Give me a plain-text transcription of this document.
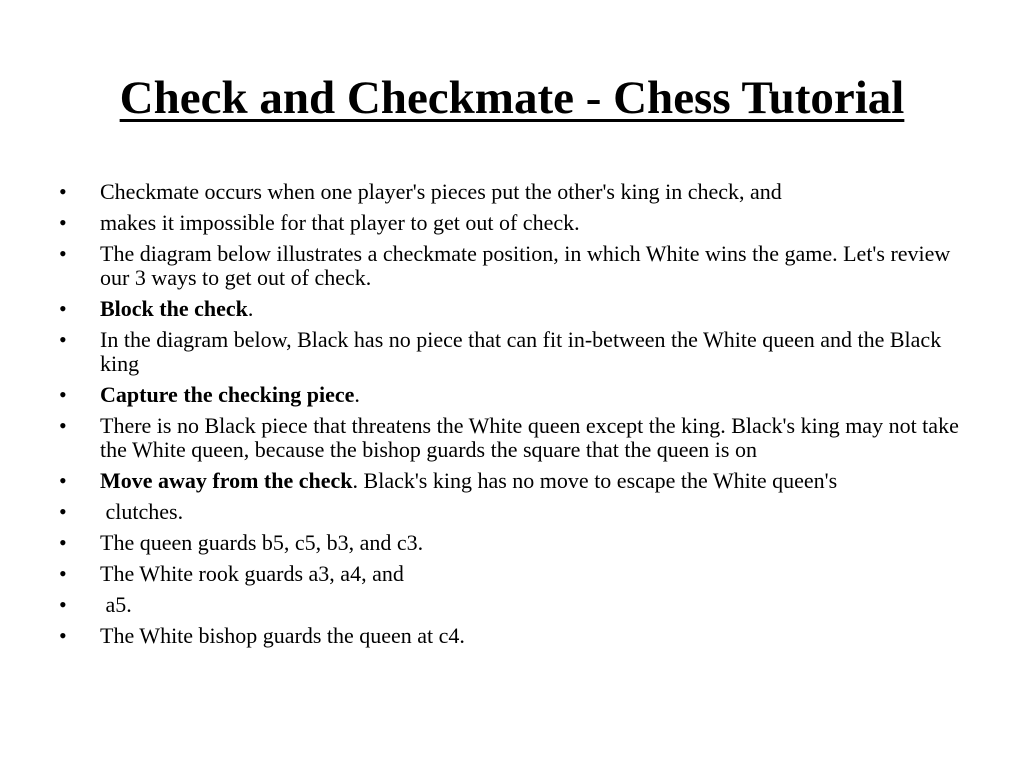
Check and Checkmate - Chess Tutorial
• Checkmate occurs when one player's pieces put the other's king in check, and
• makes it impossible for that player to get out of check.
• The diagram below illustrates a checkmate position, in which White wins the game. Let's review our 3 ways to get out of check.
• Block the check.
• In the diagram below, Black has no piece that can fit in-between the White queen and the Black king
• Capture the checking piece.
• There is no Black piece that threatens the White queen except the king. Black's king may not take the White queen, because the bishop guards the square that the queen is on
• Move away from the check. Black's king has no move to escape the White queen's
• clutches.
• The queen guards b5, c5, b3, and c3.
• The White rook guards a3, a4, and
• a5.
• The White bishop guards the queen at c4.
